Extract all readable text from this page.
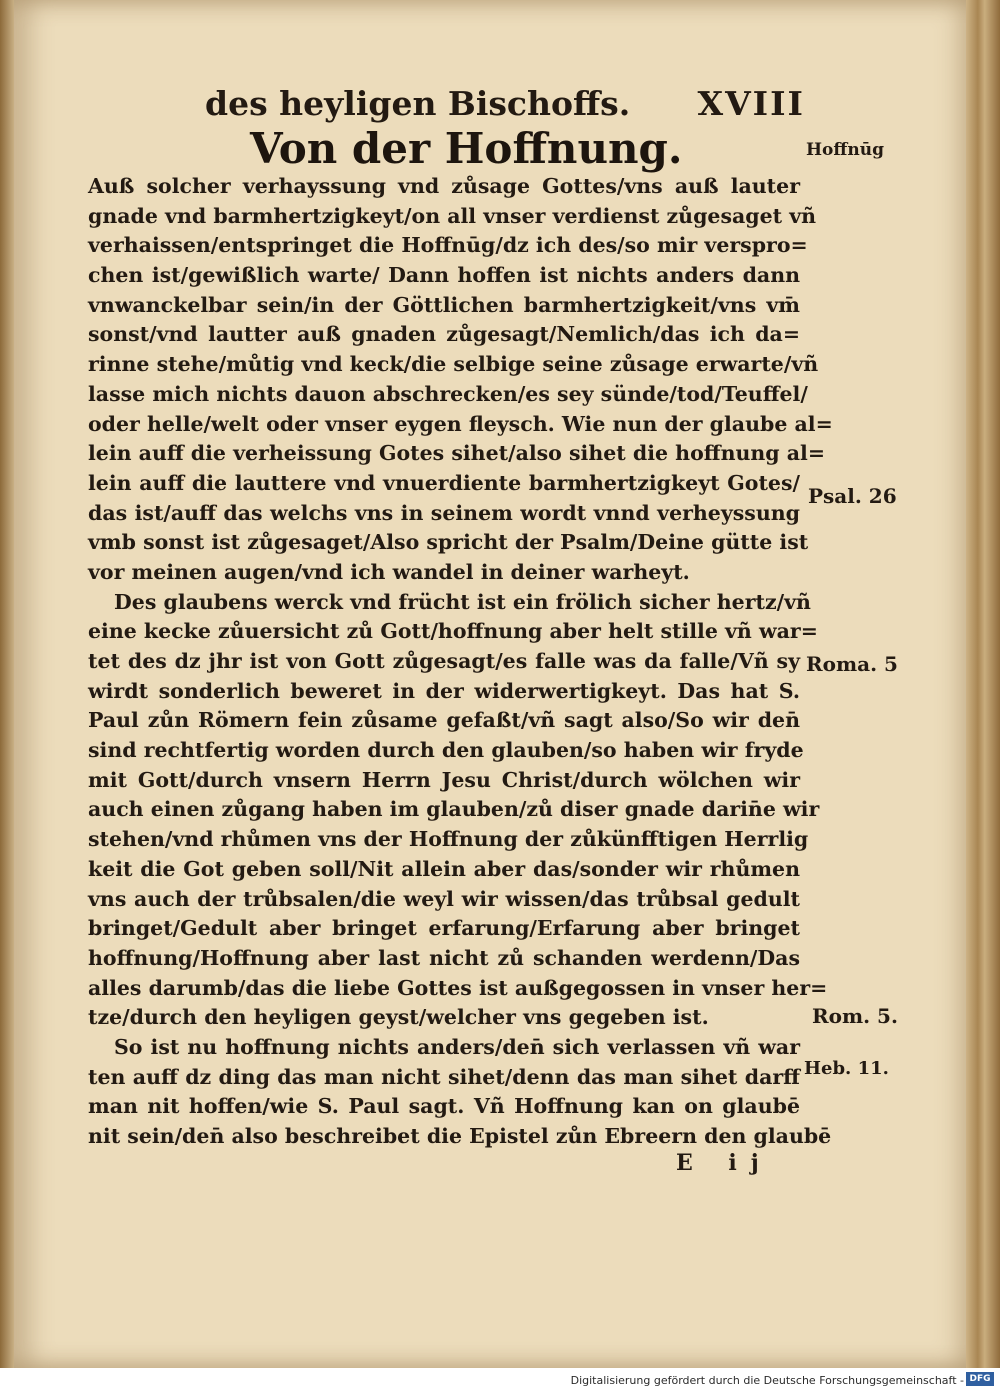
des heyligen Bischoffs. XVIII
Von der Hoffnung.
Auß solcher verhayssung vnd zůsage Gottes/vns auß lauter
gnade vnd barmhertzigkeyt/on all vnser verdienst zůgesaget vñ
verhaissen/entspringet die Hoffnūg/dz ich des/so mir verspro=
chen ist/gewißlich warte/ Dann hoffen ist nichts anders dann
vnwanckelbar sein/in der Göttlichen barmhertzigkeit/vns vm̄
sonst/vnd lautter auß gnaden zůgesagt/Nemlich/das ich da=
rinne stehe/můtig vnd keck/die selbige seine zůsage erwarte/vñ
lasse mich nichts dauon abschrecken/es sey sünde/tod/Teuffel/
oder helle/welt oder vnser eygen fleysch. Wie nun der glaube al=
lein auff die verheissung Gotes sihet/also sihet die hoffnung al=
lein auff die lauttere vnd vnuerdiente barmhertzigkeyt Gotes/
das ist/auff das welchs vns in seinem wordt vnnd verheyssung
vmb sonst ist zůgesaget/Also spricht der Psalm/Deine gütte ist
vor meinen augen/vnd ich wandel in deiner warheyt.
Des glaubens werck vnd frücht ist ein frölich sicher hertz/vñ
eine kecke zůuersicht zů Gott/hoffnung aber helt stille vñ war=
tet des dz jhr ist von Gott zůgesagt/es falle was da falle/Vñ sy
wirdt sonderlich beweret in der widerwertigkeyt. Das hat S.
Paul zůn Römern fein zůsame gefaßt/vñ sagt also/So wir den̄
sind rechtfertig worden durch den glauben/so haben wir fryde
mit Gott/durch vnsern Herrn Jesu Christ/durch wölchen wir
auch einen zůgang haben im glauben/zů diser gnade darin̄e wir
stehen/vnd rhůmen vns der Hoffnung der zůkünfftigen Herrlig
keit die Got geben soll/Nit allein aber das/sonder wir rhůmen
vns auch der trůbsalen/die weyl wir wissen/das trůbsal gedult
bringet/Gedult aber bringet erfarung/Erfarung aber bringet
hoffnung/Hoffnung aber last nicht zů schanden werdenn/Das
alles darumb/das die liebe Gottes ist außgegossen in vnser her=
tze/durch den heyligen geyst/welcher vns gegeben ist.
So ist nu hoffnung nichts anders/den̄ sich verlassen vñ war
ten auff dz ding das man nicht sihet/denn das man sihet darff
man nit hoffen/wie S. Paul sagt. Vñ Hoffnung kan on glaubē
nit sein/den̄ also beschreibet die Epistel zůn Ebreern den glaubē
Hoffnūg
Psal. 26
Roma. 5
Rom. 5.
Heb. 11.
E ij
Digitalisierung gefördert durch die Deutsche Forschungsgemeinschaft - DFG
